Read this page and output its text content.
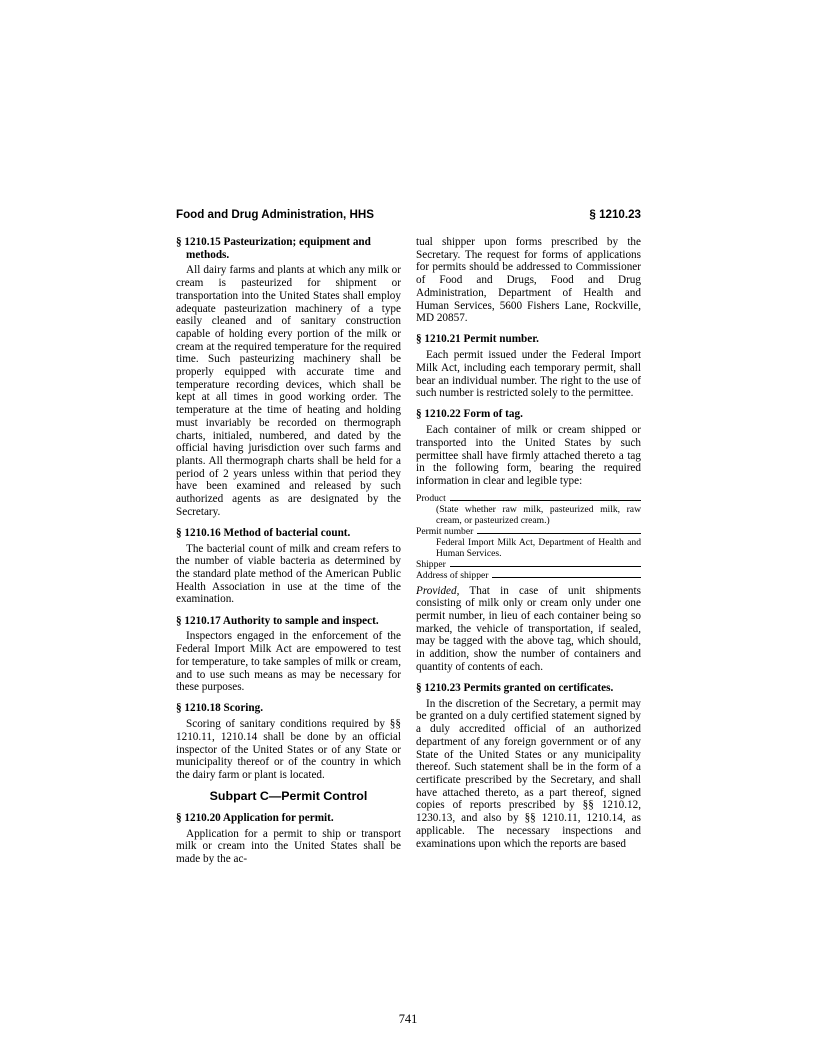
Food and Drug Administration, HHS	§ 1210.23
§ 1210.15 Pasteurization; equipment and methods.

All dairy farms and plants at which any milk or cream is pasteurized for shipment or transportation into the United States shall employ adequate pasteurization machinery of a type easily cleaned and of sanitary construction capable of holding every portion of the milk or cream at the required temperature for the required time. Such pasteurizing machinery shall be properly equipped with accurate time and temperature recording devices, which shall be kept at all times in good working order. The temperature at the time of heating and holding must invariably be recorded on thermograph charts, initialed, numbered, and dated by the official having jurisdiction over such farms and plants. All thermograph charts shall be held for a period of 2 years unless within that period they have been examined and released by such authorized agents as are designated by the Secretary.

§ 1210.16 Method of bacterial count.

The bacterial count of milk and cream refers to the number of viable bacteria as determined by the standard plate method of the American Public Health Association in use at the time of the examination.

§ 1210.17 Authority to sample and inspect.

Inspectors engaged in the enforcement of the Federal Import Milk Act are empowered to test for temperature, to take samples of milk or cream, and to use such means as may be necessary for these purposes.

§ 1210.18 Scoring.

Scoring of sanitary conditions required by §§ 1210.11, 1210.14 shall be done by an official inspector of the United States or of any State or municipality thereof or of the country in which the dairy farm or plant is located.

Subpart C—Permit Control
§ 1210.20 Application for permit.

Application for a permit to ship or transport milk or cream into the United States shall be made by the ac-

tual shipper upon forms prescribed by the Secretary. The request for forms of applications for permits should be addressed to Commissioner of Food and Drugs, Food and Drug Administration, Department of Health and Human Services, 5600 Fishers Lane, Rockville, MD 20857.

§ 1210.21 Permit number.

Each permit issued under the Federal Import Milk Act, including each temporary permit, shall bear an individual number. The right to the use of such number is restricted solely to the permittee.

§ 1210.22 Form of tag.

Each container of milk or cream shipped or transported into the United States by such permittee shall have firmly attached thereto a tag in the following form, bearing the required information in clear and legible type:

Product
(State whether raw milk, pasteurized milk, raw cream, or pasteurized cream.)
Permit number
Federal Import Milk Act, Department of Health and Human Services.
Shipper
Address of shipper

Provided, That in case of unit shipments consisting of milk only or cream only under one permit number, in lieu of each container being so marked, the vehicle of transportation, if sealed, may be tagged with the above tag, which should, in addition, show the number of containers and quantity of contents of each.

§ 1210.23 Permits granted on certificates.

In the discretion of the Secretary, a permit may be granted on a duly certified statement signed by a duly accredited official of an authorized department of any foreign government or of any State of the United States or any municipality thereof. Such statement shall be in the form of a certificate prescribed by the Secretary, and shall have attached thereto, as a part thereof, signed copies of reports prescribed by §§ 1210.12, 1230.13, and also by §§ 1210.11, 1210.14, as applicable. The necessary inspections and examinations upon which the reports are based

741
